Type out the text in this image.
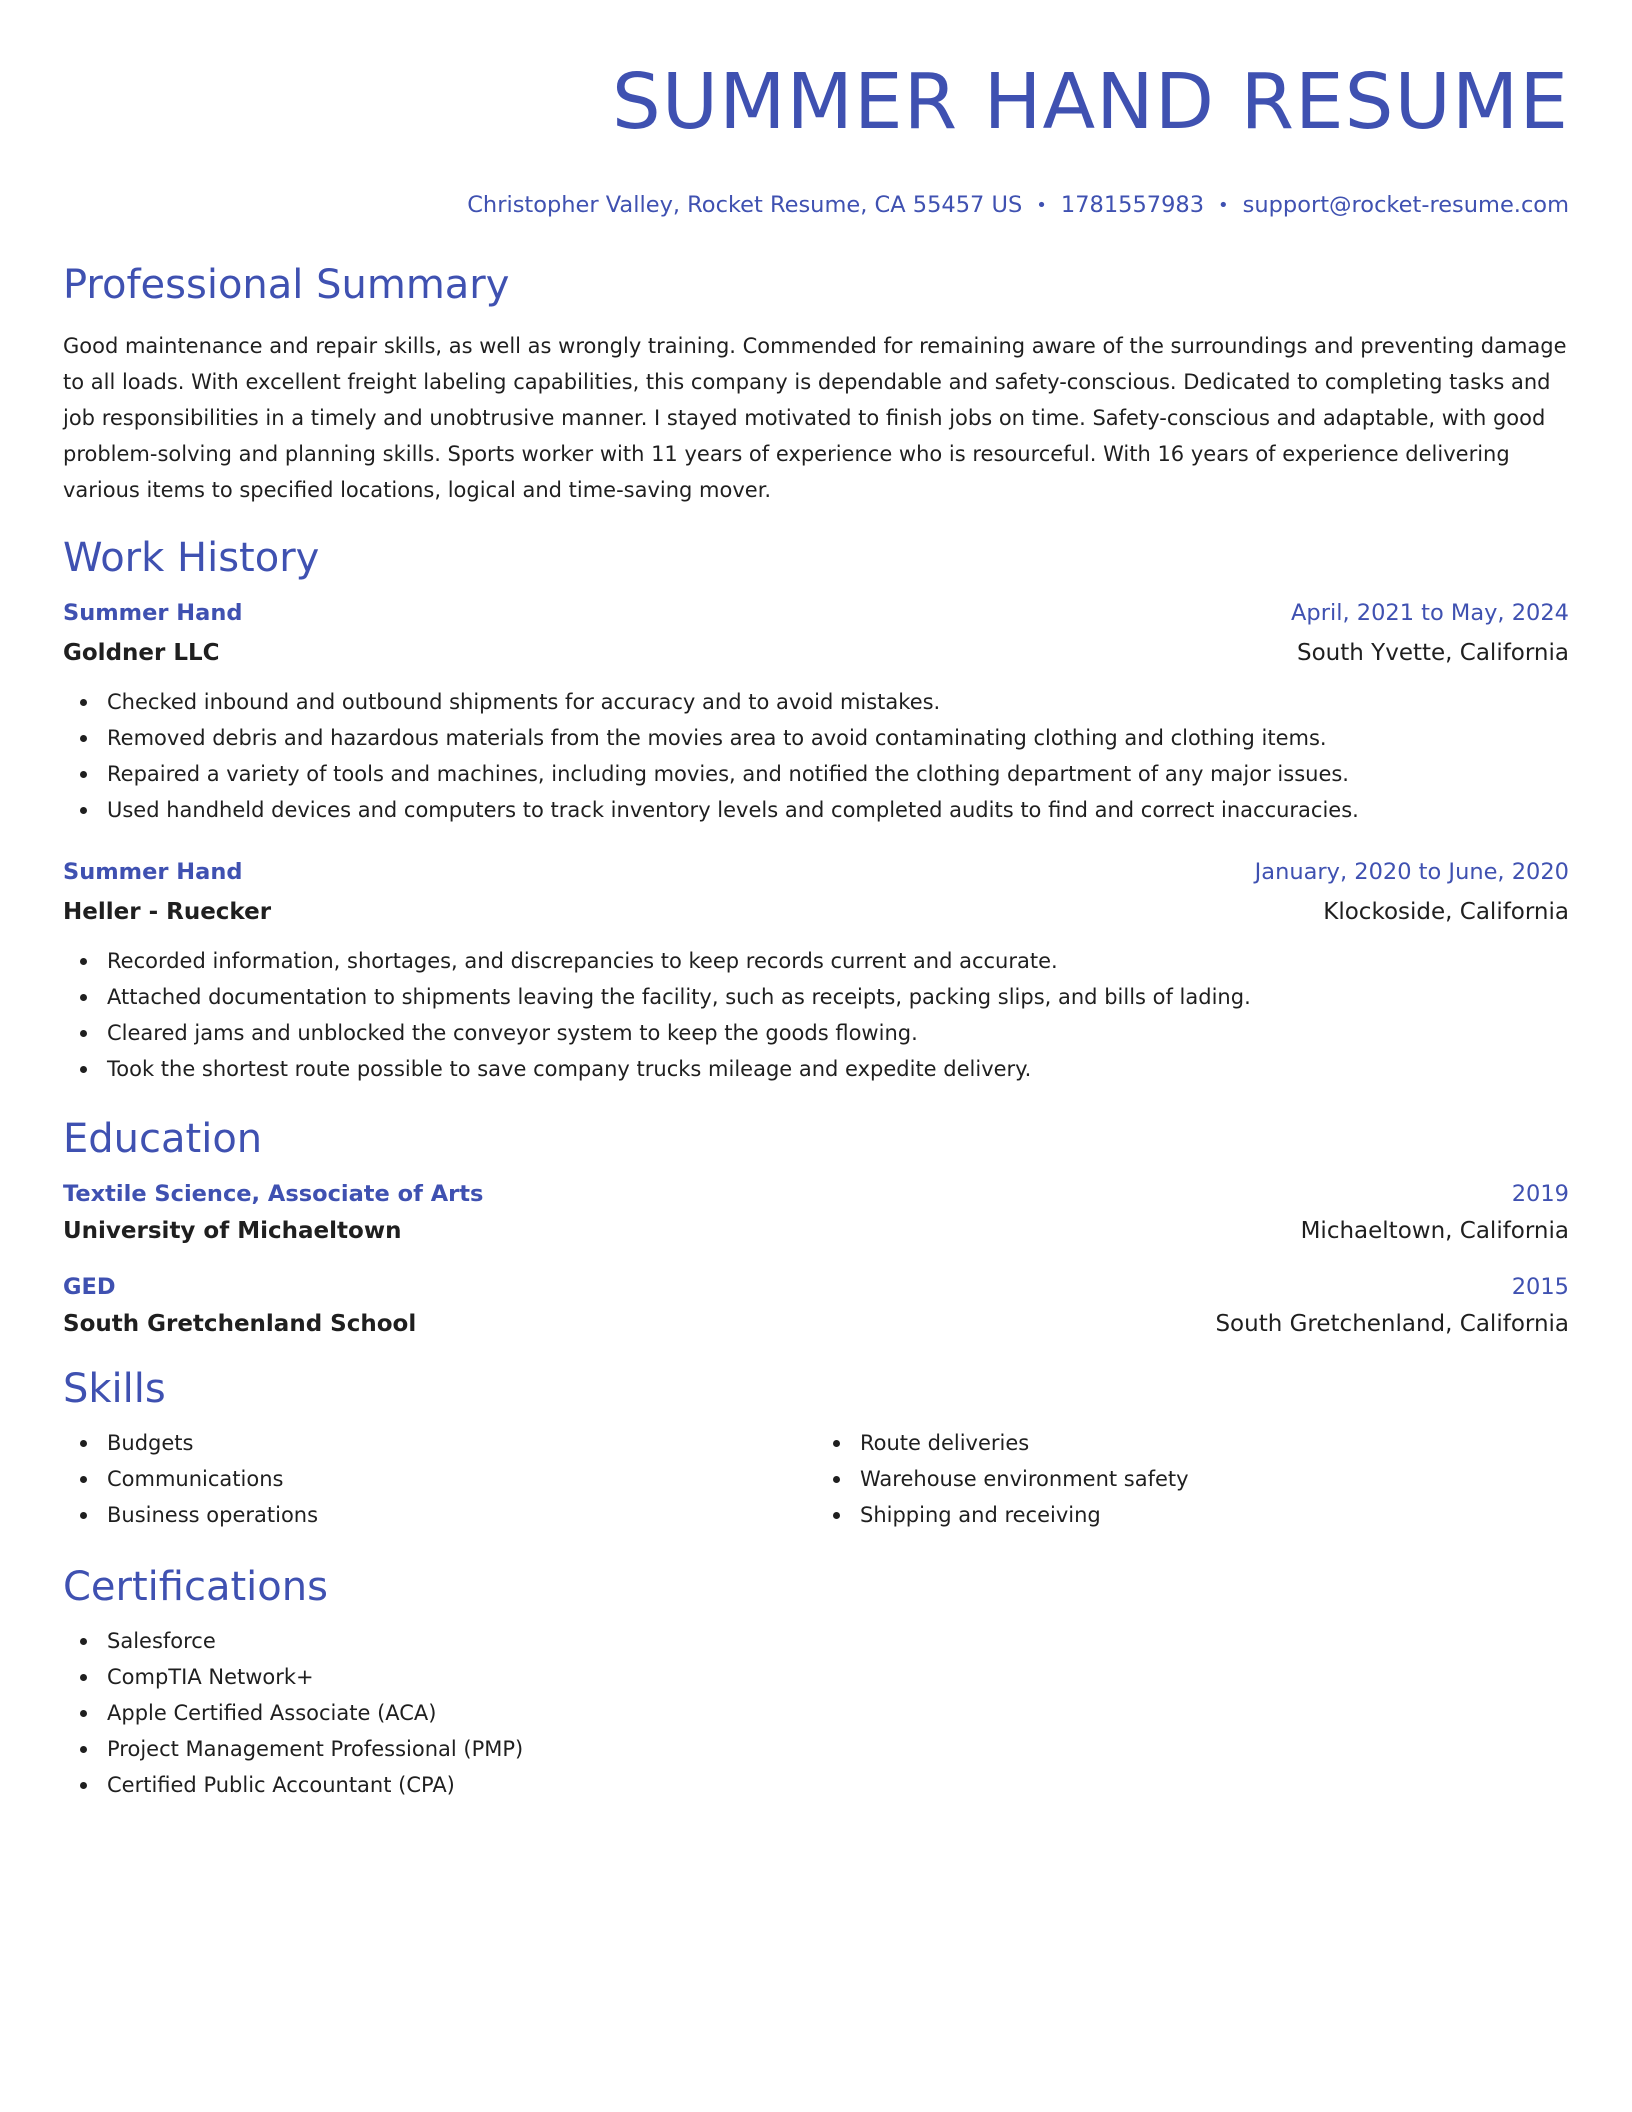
SUMMER HAND RESUME
Christopher Valley, Rocket Resume, CA 55457 US • 1781557983 • support@rocket-resume.com
Professional Summary

Good maintenance and repair skills, as well as wrongly training. Commended for remaining aware of the surroundings and preventing damage to all loads. With excellent freight labeling capabilities, this company is dependable and safety-conscious. Dedicated to completing tasks and job responsibilities in a timely and unobtrusive manner. I stayed motivated to finish jobs on time. Safety-conscious and adaptable, with good problem-solving and planning skills. Sports worker with 11 years of experience who is resourceful. With 16 years of experience delivering various items to specified locations, logical and time-saving mover.

Work History
Summer Hand	April, 2021 to May, 2024
Goldner LLC	South Yvette, California
Checked inbound and outbound shipments for accuracy and to avoid mistakes.
Removed debris and hazardous materials from the movies area to avoid contaminating clothing and clothing items.
Repaired a variety of tools and machines, including movies, and notified the clothing department of any major issues.
Used handheld devices and computers to track inventory levels and completed audits to find and correct inaccuracies.
Summer Hand	January, 2020 to June, 2020
Heller - Ruecker	Klockoside, California
Recorded information, shortages, and discrepancies to keep records current and accurate.
Attached documentation to shipments leaving the facility, such as receipts, packing slips, and bills of lading.
Cleared jams and unblocked the conveyor system to keep the goods flowing.
Took the shortest route possible to save company trucks mileage and expedite delivery.
Education
Textile Science, Associate of Arts	2019
University of Michaeltown	Michaeltown, California
GED	2015
South Gretchenland School	South Gretchenland, California
Skills
Budgets
Communications
Business operations
Route deliveries
Warehouse environment safety
Shipping and receiving
Certifications
Salesforce
CompTIA Network+
Apple Certified Associate (ACA)
Project Management Professional (PMP)
Certified Public Accountant (CPA)
